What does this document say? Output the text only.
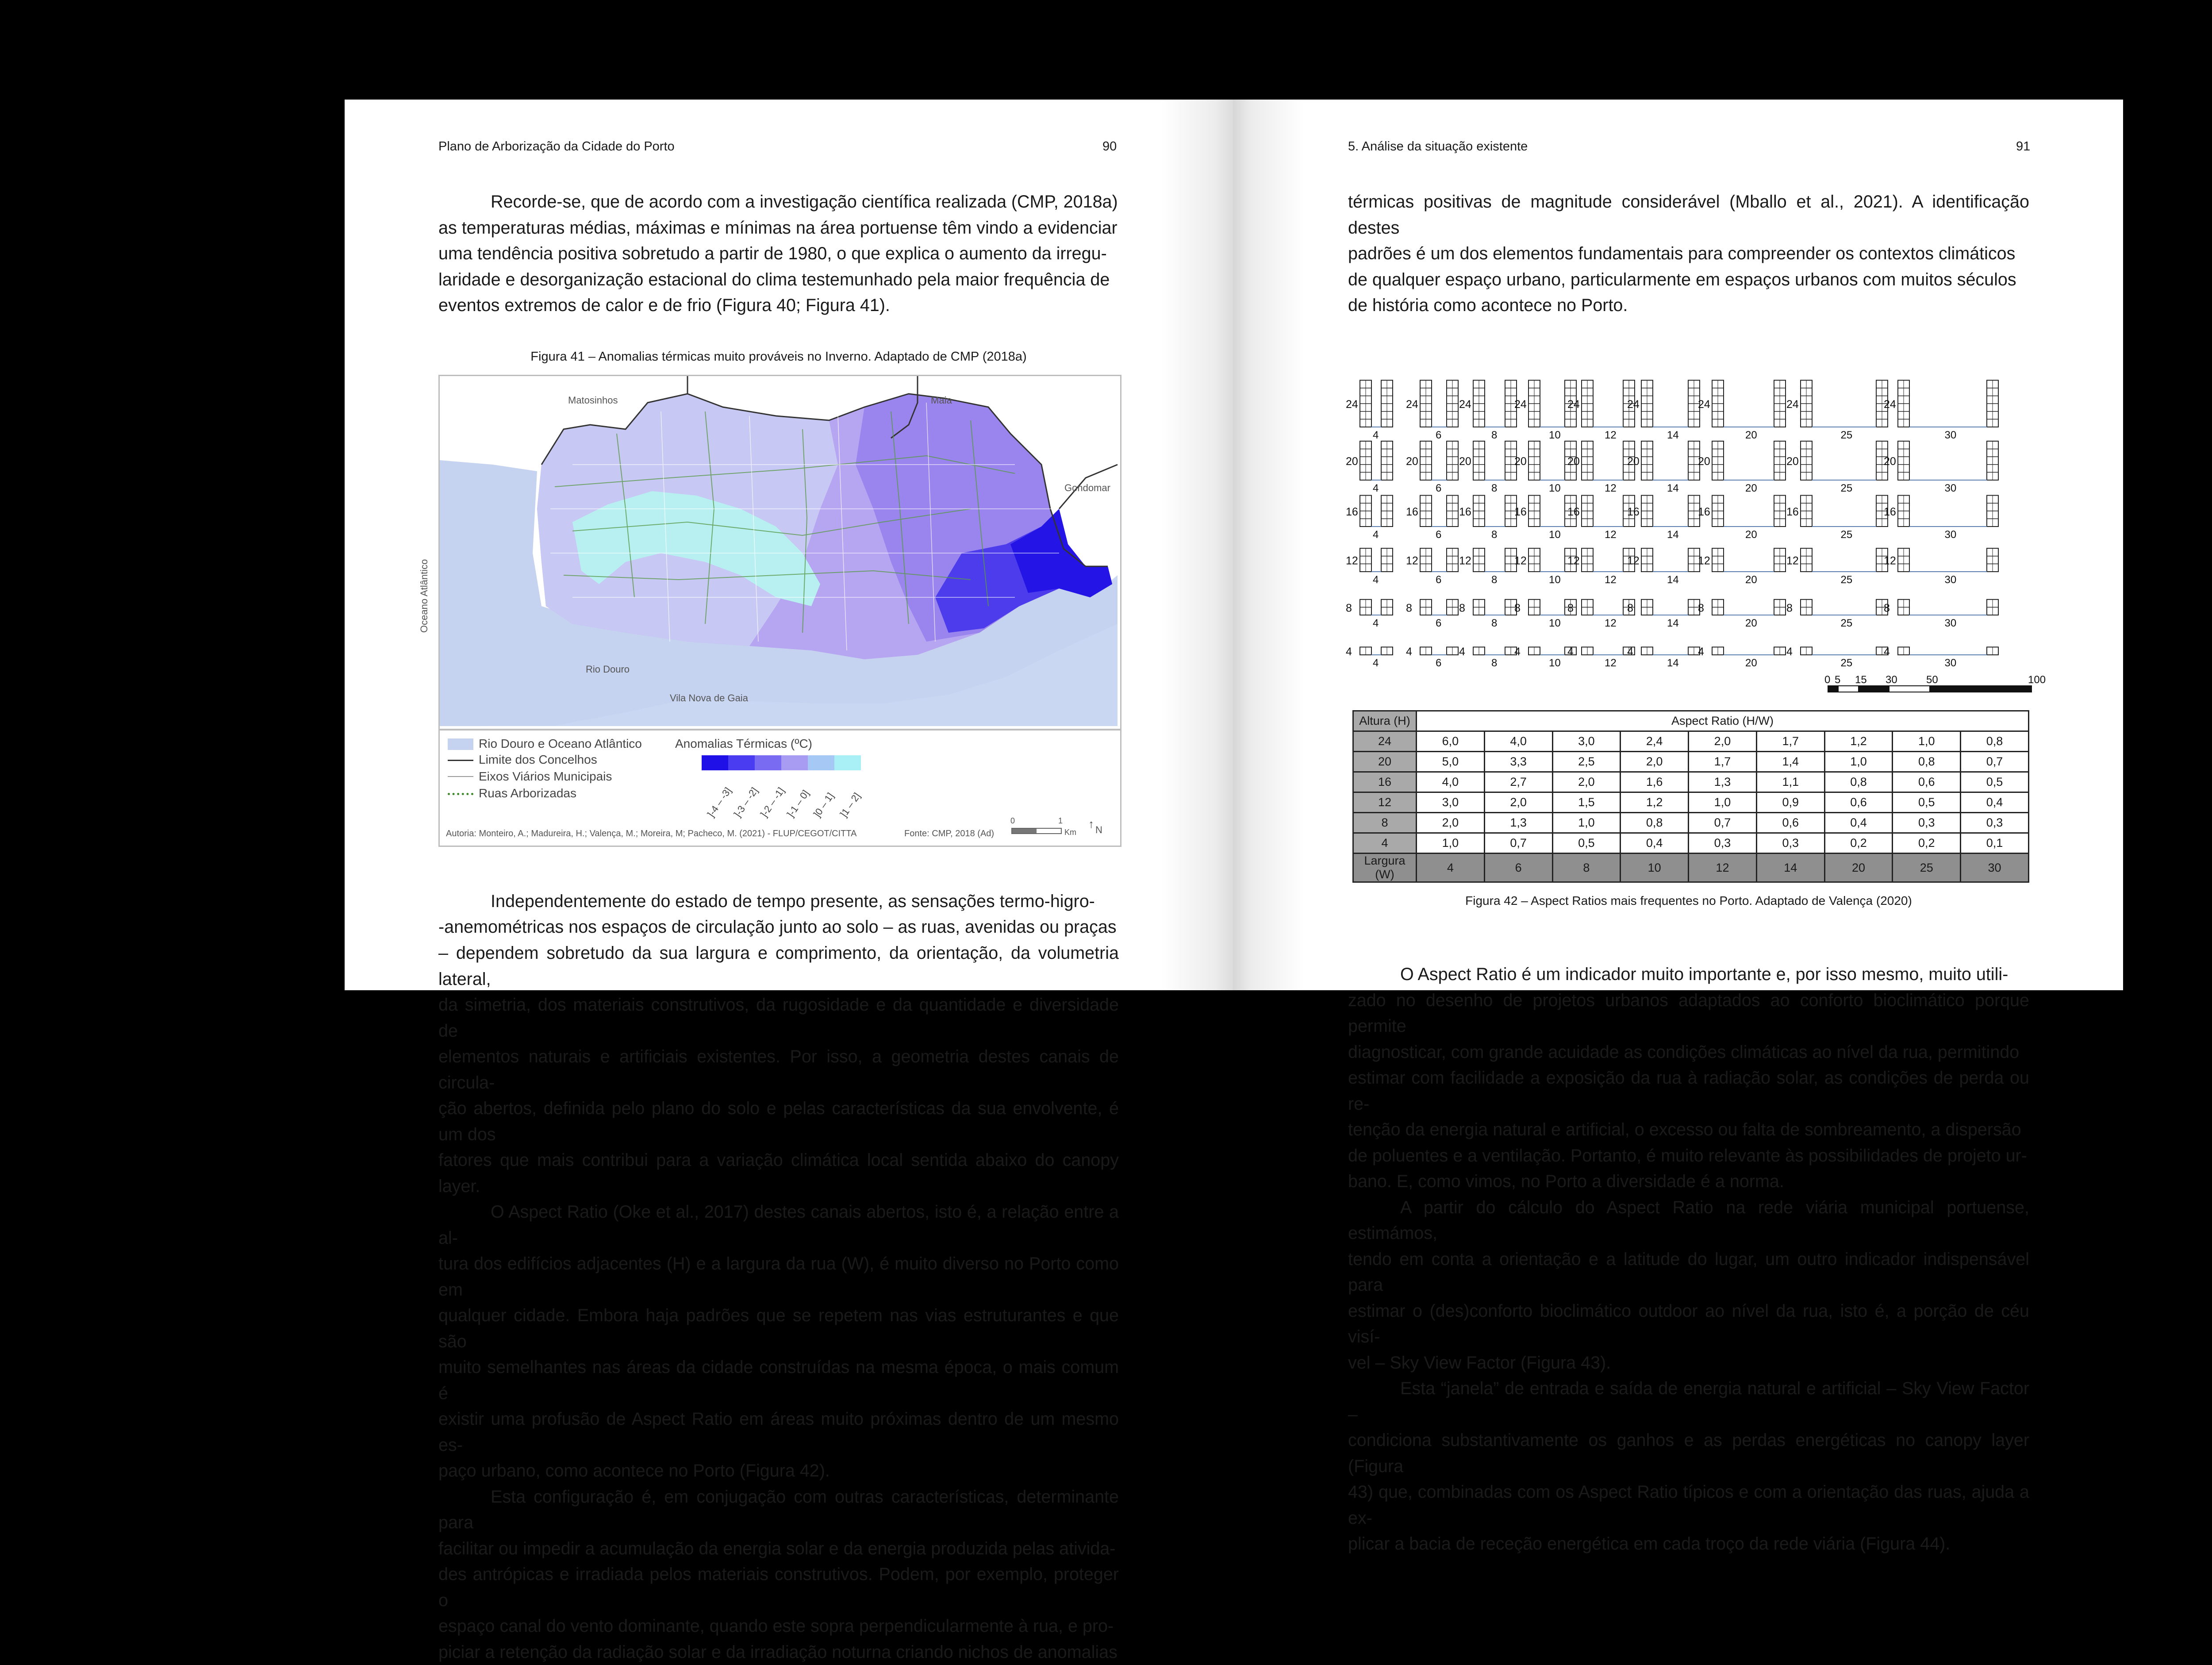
Plano de Arborização da Cidade do Porto	90

Recorde-se, que de acordo com a investigação científica realizada (CMP, 2018a)

as temperaturas médias, máximas e mínimas na área portuense têm vindo a evidenciar

uma tendência positiva sobretudo a partir de 1980, o que explica o aumento da irregu-

laridade e desorganização estacional do clima testemunhado pela maior frequência de

eventos extremos de calor e de frio (Figura 40; Figura 41).

Figura 41 – Anomalias térmicas muito prováveis no Inverno. Adaptado de CMP (2018a)
Matosinhos	Maia
Gondomar
Rio Douro
Vila Nova de Gaia
Oceano Atlântico
Rio Douro e Oceano Atlântico
Limite dos Concelhos
Eixos Viários Municipais
Ruas Arborizadas
Anomalias Térmicas (ºC)
]-4 – -3]
]-3 – -2]
]-2 – -1]
]-1 – 0] ]0 – 1] ]1 – 2]
Autoria: Monteiro, A.; Madureira, H.; Valença, M.; Moreira, M; Pacheco, M. (2021) - FLUP/CEGOT/CITTA	Fonte: CMP, 2018 (Ad)
0	1
Km
↑ N

Independentemente do estado de tempo presente, as sensações termo-higro-

-anemométricas nos espaços de circulação junto ao solo – as ruas, avenidas ou praças

– dependem sobretudo da sua largura e comprimento, da orientação, da volumetria lateral,

da simetria, dos materiais construtivos, da rugosidade e da quantidade e diversidade de

elementos naturais e artificiais existentes. Por isso, a geometria destes canais de circula-

ção abertos, definida pelo plano do solo e pelas características da sua envolvente, é um dos

fatores que mais contribui para a variação climática local sentida abaixo do canopy layer.

O Aspect Ratio (Oke et al., 2017) destes canais abertos, isto é, a relação entre a al-

tura dos edifícios adjacentes (H) e a largura da rua (W), é muito diverso no Porto como em

qualquer cidade. Embora haja padrões que se repetem nas vias estruturantes e que são

muito semelhantes nas áreas da cidade construídas na mesma época, o mais comum é

existir uma profusão de Aspect Ratio em áreas muito próximas dentro de um mesmo es-

paço urbano, como acontece no Porto (Figura 42).

Esta configuração é, em conjugação com outras características, determinante para

facilitar ou impedir a acumulação da energia solar e da energia produzida pelas ativida-

des antrópicas e irradiada pelos materiais construtivos. Podem, por exemplo, proteger o

espaço canal do vento dominante, quando este sopra perpendicularmente à rua, e pro-

piciar a retenção da radiação solar e da irradiação noturna criando nichos de anomalias

5. Análise da situação existente	91

térmicas positivas de magnitude considerável (Mballo et al., 2021). A identificação destes

padrões é um dos elementos fundamentais para compreender os contextos climáticos

de qualquer espaço urbano, particularmente em espaços urbanos com muitos séculos

de história como acontece no Porto.

24
4
24
6
24
8
24
10
24
12
24
14
24
20
24
25
24
30
20
4
20
6
20
8
20
10
20
12
20
14
20
20
20
25
20
30
16
4
16
6
16
8
16
10
16
12
16
14
16
20
16
25
16
30
12
4
12
6
12
8
12
10
12
12
12
14
12
20
12
25
12
30
8
4
8
6
8
8
8
10
8
12
8
14
8
20
8
25
8
30
4
4
4
6
4
8
4
10
4
12
4
14
4
20
4
25
4
30
0 5 15 30	50	100
Altura (H)	Aspect Ratio (H/W)								
24	6,0	4,0	3,0	2,4	2,0	1,7	1,2	1,0	0,8
20	5,0	3,3	2,5	2,0	1,7	1,4	1,0	0,8	0,7
16	4,0	2,7	2,0	1,6	1,3	1,1	0,8	0,6	0,5
12	3,0	2,0	1,5	1,2	1,0	0,9	0,6	0,5	0,4
8	2,0	1,3	1,0	0,8	0,7	0,6	0,4	0,3	0,3
4	1,0	0,7	0,5	0,4	0,3	0,3	0,2	0,2	0,1
Largura (W)	4	6	8	10	12	14	20	25	30
Figura 42 – Aspect Ratios mais frequentes no Porto. Adaptado de Valença (2020)

O Aspect Ratio é um indicador muito importante e, por isso mesmo, muito utili-

zado no desenho de projetos urbanos adaptados ao conforto bioclimático porque permite

diagnosticar, com grande acuidade as condições climáticas ao nível da rua, permitindo

estimar com facilidade a exposição da rua à radiação solar, as condições de perda ou re-

tenção da energia natural e artificial, o excesso ou falta de sombreamento, a dispersão

de poluentes e a ventilação. Portanto, é muito relevante às possibilidades de projeto ur-

bano. E, como vimos, no Porto a diversidade é a norma.

A partir do cálculo do Aspect Ratio na rede viária municipal portuense, estimámos,

tendo em conta a orientação e a latitude do lugar, um outro indicador indispensável para

estimar o (des)conforto bioclimático outdoor ao nível da rua, isto é, a porção de céu visí-

vel – Sky View Factor (Figura 43).

Esta “janela” de entrada e saída de energia natural e artificial – Sky View Factor –

condiciona substantivamente os ganhos e as perdas energéticas no canopy layer (Figura

43) que, combinadas com os Aspect Ratio típicos e com a orientação das ruas, ajuda a ex-

plicar a bacia de receção energética em cada troço da rede viária (Figura 44).
